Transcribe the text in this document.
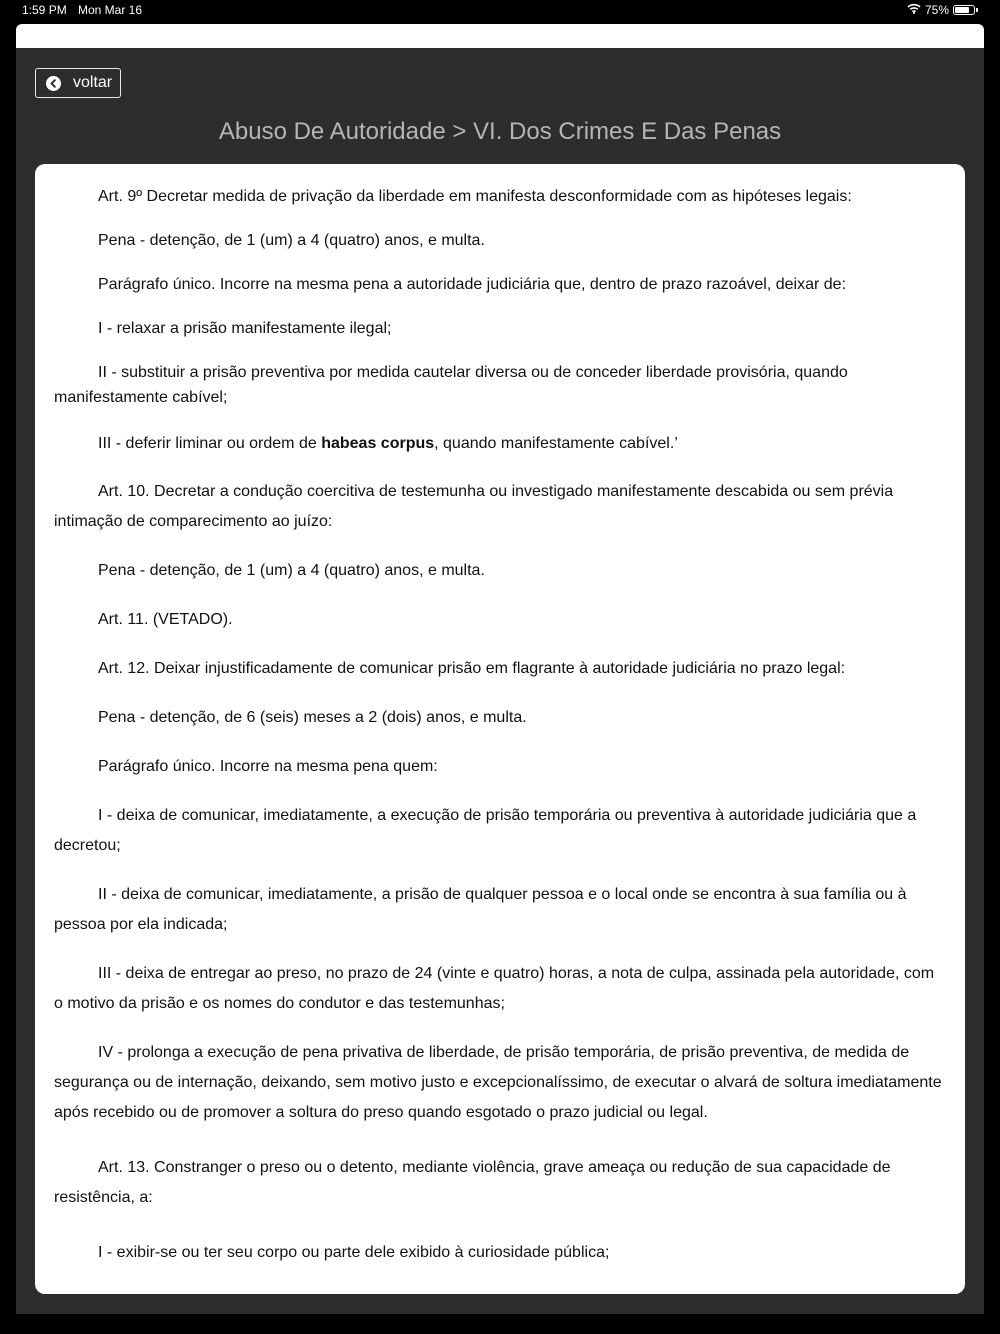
1:59 PM Mon Mar 16	75%
voltar
Abuso De Autoridade > VI. Dos Crimes E Das Penas

Art. 9º Decretar medida de privação da liberdade em manifesta desconformidade com as hipóteses legais:

Pena - detenção, de 1 (um) a 4 (quatro) anos, e multa.

Parágrafo único. Incorre na mesma pena a autoridade judiciária que, dentro de prazo razoável, deixar de:

I - relaxar a prisão manifestamente ilegal;

II - substituir a prisão preventiva por medida cautelar diversa ou de conceder liberdade provisória, quando manifestamente cabível;

III - deferir liminar ou ordem de habeas corpus, quando manifestamente cabível.’

Art. 10. Decretar a condução coercitiva de testemunha ou investigado manifestamente descabida ou sem prévia intimação de comparecimento ao juízo:

Pena - detenção, de 1 (um) a 4 (quatro) anos, e multa.

Art. 11. (VETADO).

Art. 12. Deixar injustificadamente de comunicar prisão em flagrante à autoridade judiciária no prazo legal:

Pena - detenção, de 6 (seis) meses a 2 (dois) anos, e multa.

Parágrafo único. Incorre na mesma pena quem:

I - deixa de comunicar, imediatamente, a execução de prisão temporária ou preventiva à autoridade judiciária que a decretou;

II - deixa de comunicar, imediatamente, a prisão de qualquer pessoa e o local onde se encontra à sua família ou à pessoa por ela indicada;

III - deixa de entregar ao preso, no prazo de 24 (vinte e quatro) horas, a nota de culpa, assinada pela autoridade, com o motivo da prisão e os nomes do condutor e das testemunhas;

IV - prolonga a execução de pena privativa de liberdade, de prisão temporária, de prisão preventiva, de medida de segurança ou de internação, deixando, sem motivo justo e excepcionalíssimo, de executar o alvará de soltura imediatamente após recebido ou de promover a soltura do preso quando esgotado o prazo judicial ou legal.

Art. 13. Constranger o preso ou o detento, mediante violência, grave ameaça ou redução de sua capacidade de resistência, a:

I - exibir-se ou ter seu corpo ou parte dele exibido à curiosidade pública;
